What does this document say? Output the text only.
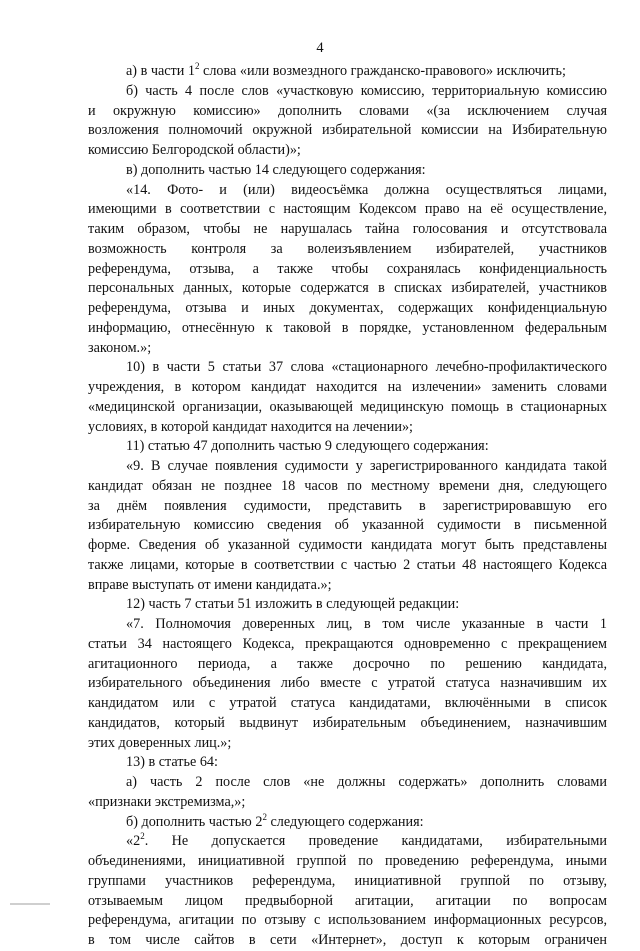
4
а) в части $1^2$ слова «или возмездного гражданско-правового» исключить;
б) часть 4 после слов «участковую комиссию, территориальную комиссию
и окружную комиссию» дополнить словами «(за исключением случая
возложения полномочий окружной избирательной комиссии на Избирательную
комиссию Белгородской области)»;
в) дополнить частью 14 следующего содержания:
«14. Фото- и (или) видеосъёмка должна осуществляться лицами,
имеющими в соответствии с настоящим Кодексом право на её осуществление,
таким образом, чтобы не нарушалась тайна голосования и отсутствовала
возможность контроля за волеизъявлением избирателей, участников
референдума, отзыва, а также чтобы сохранялась конфиденциальность
персональных данных, которые содержатся в списках избирателей, участников
референдума, отзыва и иных документах, содержащих конфиденциальную
информацию, отнесённую к таковой в порядке, установленном федеральным
законом.»;
10) в части 5 статьи 37 слова «стационарного лечебно-профилактического
учреждения, в котором кандидат находится на излечении» заменить словами
«медицинской организации, оказывающей медицинскую помощь в стационарных
условиях, в которой кандидат находится на лечении»;
11) статью 47 дополнить частью 9 следующего содержания:
«9. В случае появления судимости у зарегистрированного кандидата такой
кандидат обязан не позднее 18 часов по местному времени дня, следующего
за днём появления судимости, представить в зарегистрировавшую его
избирательную комиссию сведения об указанной судимости в письменной
форме. Сведения об указанной судимости кандидата могут быть представлены
также лицами, которые в соответствии с частью 2 статьи 48 настоящего Кодекса
вправе выступать от имени кандидата.»;
12) часть 7 статьи 51 изложить в следующей редакции:
«7. Полномочия доверенных лиц, в том числе указанные в части 1
статьи 34 настоящего Кодекса, прекращаются одновременно с прекращением
агитационного периода, а также досрочно по решению кандидата,
избирательного объединения либо вместе с утратой статуса назначившим их
кандидатом или с утратой статуса кандидатами, включёнными в список
кандидатов, который выдвинут избирательным объединением, назначившим
этих доверенных лиц.»;
13) в статье 64:
а) часть 2 после слов «не должны содержать» дополнить словами
«признаки экстремизма,»;
б) дополнить частью $2^2$ следующего содержания:
«$2^2$. Не допускается проведение кандидатами, избирательными
объединениями, инициативной группой по проведению референдума, иными
группами участников референдума, инициативной группой по отзыву,
отзываемым лицом предвыборной агитации, агитации по вопросам
референдума, агитации по отзыву с использованием информационных ресурсов,
в том числе сайтов в сети «Интернет», доступ к которым ограничен
